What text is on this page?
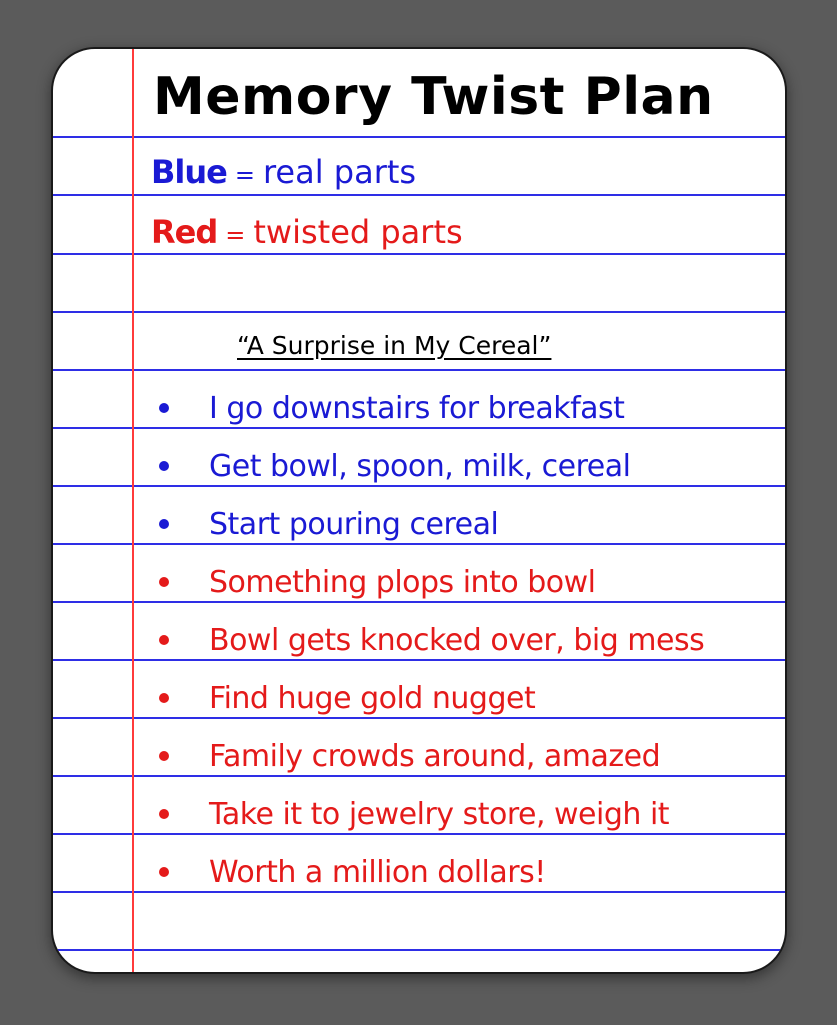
Memory Twist Plan
Blue = real parts
Red = twisted parts
“A Surprise in My Cereal”
I go downstairs for breakfast
Get bowl, spoon, milk, cereal
Start pouring cereal
Something plops into bowl
Bowl gets knocked over, big mess
Find huge gold nugget
Family crowds around, amazed
Take it to jewelry store, weigh it
Worth a million dollars!
